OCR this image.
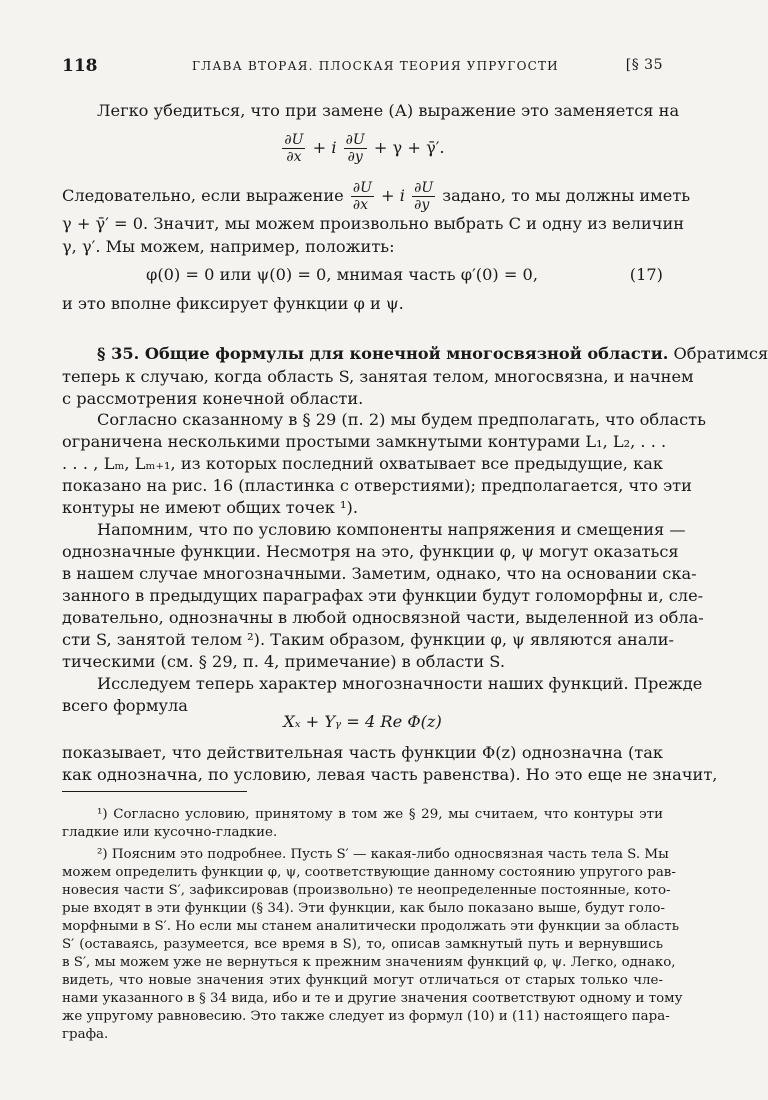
118	ГЛАВА ВТОРАЯ. ПЛОСКАЯ ТЕОРИЯ УПРУГОСТИ	[§ 35
Легко убедиться, что при замене (А) выражение это заменяется на
$\frac{\partial U}{\partial x} + i \frac{\partial U}{\partial y} + \gamma$ + γ̄′.
Следовательно, если выражение $\frac{\partial U}{\partial x} + i \frac{\partial U}{\partial y}$ задано, то мы должны иметь
γ + γ̄′ = 0. Значит, мы можем произвольно выбрать C и одну из величин
γ, γ′. Мы можем, например, положить:
φ(0) = 0 или ψ(0) = 0, мнимая часть φ′(0) = 0,	(17)
и это вполне фиксирует функции φ и ψ.
§ 35. Общие формулы для конечной многосвязной области. Обратимся
теперь к случаю, когда область S, занятая телом, многосвязна, и начнем
с рассмотрения конечной области.
Согласно сказанному в § 29 (п. 2) мы будем предполагать, что область
ограничена несколькими простыми замкнутыми контурами L₁, L₂, . . .
. . . , Lₘ, Lₘ₊₁, из которых последний охватывает все предыдущие, как
показано на рис. 16 (пластинка с отверстиями); предполагается, что эти
контуры не имеют общих точек ¹).
Напомним, что по условию компоненты напряжения и смещения —
однозначные функции. Несмотря на это, функции φ, ψ могут оказаться
в нашем случае многозначными. Заметим, однако, что на основании ска-
занного в предыдущих параграфах эти функции будут голоморфны и, сле-
довательно, однозначны в любой односвязной части, выделенной из обла-
сти S, занятой телом ²). Таким образом, функции φ, ψ являются анали-
тическими (см. § 29, п. 4, примечание) в области S.
Исследуем теперь характер многозначности наших функций. Прежде
всего формула
Xₓ + Yᵧ = 4 Re Φ(z)
показывает, что действительная часть функции Φ(z) однозначна (так
как однозначна, по условию, левая часть равенства). Но это еще не значит,
¹) Согласно условию, принятому в том же § 29, мы считаем, что контуры эти
гладкие или кусочно-гладкие.
²) Поясним это подробнее. Пусть S′ — какая-либо односвязная часть тела S. Мы
можем определить функции φ, ψ, соответствующие данному состоянию упругого рав-
новесия части S′, зафиксировав (произвольно) те неопределенные постоянные, кото-
рые входят в эти функции (§ 34). Эти функции, как было показано выше, будут голо-
морфными в S′. Но если мы станем аналитически продолжать эти функции за область
S′ (оставаясь, разумеется, все время в S), то, описав замкнутый путь и вернувшись
в S′, мы можем уже не вернуться к прежним значениям функций φ, ψ. Легко, однако,
видеть, что новые значения этих функций могут отличаться от старых только чле-
нами указанного в § 34 вида, ибо и те и другие значения соответствуют одному и тому
же упругому равновесию. Это также следует из формул (10) и (11) настоящего пара-
графа.
